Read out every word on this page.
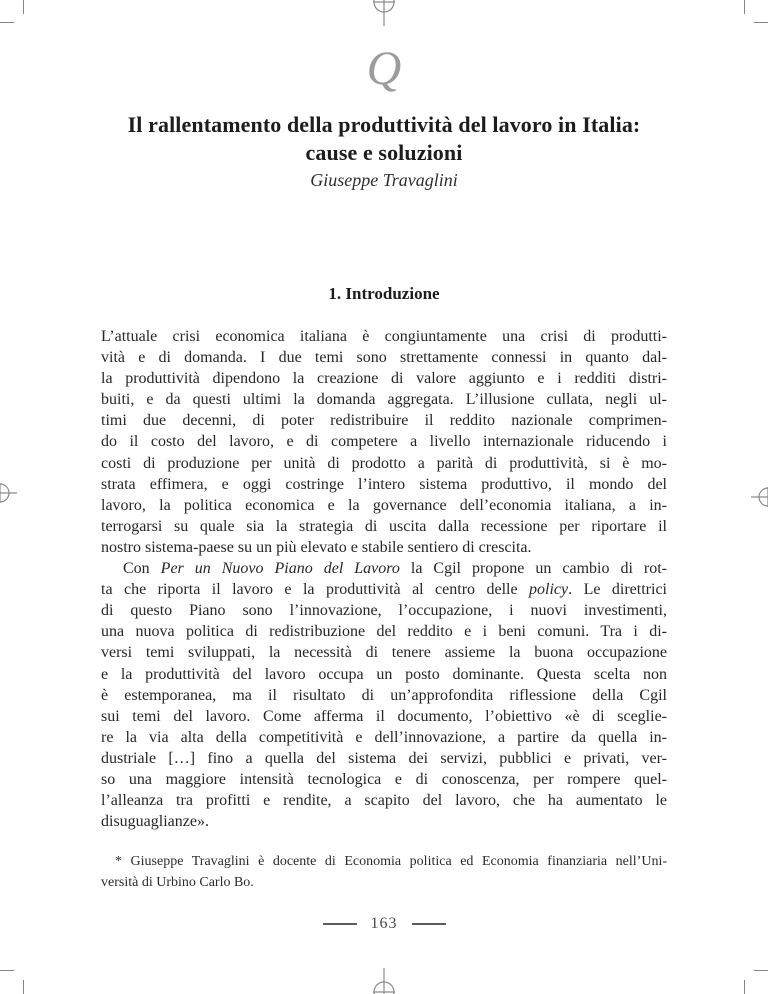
Q
Il rallentamento della produttività del lavoro in Italia:
cause e soluzioni
Giuseppe Travaglini
1. Introduzione
L’attuale crisi economica italiana è congiuntamente una crisi di produtti-
vità e di domanda. I due temi sono strettamente connessi in quanto dal-
la produttività dipendono la creazione di valore aggiunto e i redditi distri-
buiti, e da questi ultimi la domanda aggregata. L’illusione cullata, negli ul-
timi due decenni, di poter redistribuire il reddito nazionale comprimen-
do il costo del lavoro, e di competere a livello internazionale riducendo i
costi di produzione per unità di prodotto a parità di produttività, si è mo-
strata effimera, e oggi costringe l’intero sistema produttivo, il mondo del
lavoro, la politica economica e la governance dell’economia italiana, a in-
terrogarsi su quale sia la strategia di uscita dalla recessione per riportare il
nostro sistema-paese su un più elevato e stabile sentiero di crescita.
Con Per un Nuovo Piano del Lavoro la Cgil propone un cambio di rot-
ta che riporta il lavoro e la produttività al centro delle policy. Le direttrici
di questo Piano sono l’innovazione, l’occupazione, i nuovi investimenti,
una nuova politica di redistribuzione del reddito e i beni comuni. Tra i di-
versi temi sviluppati, la necessità di tenere assieme la buona occupazione
e la produttività del lavoro occupa un posto dominante. Questa scelta non
è estemporanea, ma il risultato di un’approfondita riflessione della Cgil
sui temi del lavoro. Come afferma il documento, l’obiettivo «è di sceglie-
re la via alta della competitività e dell’innovazione, a partire da quella in-
dustriale […] fino a quella del sistema dei servizi, pubblici e privati, ver-
so una maggiore intensità tecnologica e di conoscenza, per rompere quel-
l’alleanza tra profitti e rendite, a scapito del lavoro, che ha aumentato le
disuguaglianze».
* Giuseppe Travaglini è docente di Economia politica ed Economia finanziaria nell’Uni-
versità di Urbino Carlo Bo.
163
